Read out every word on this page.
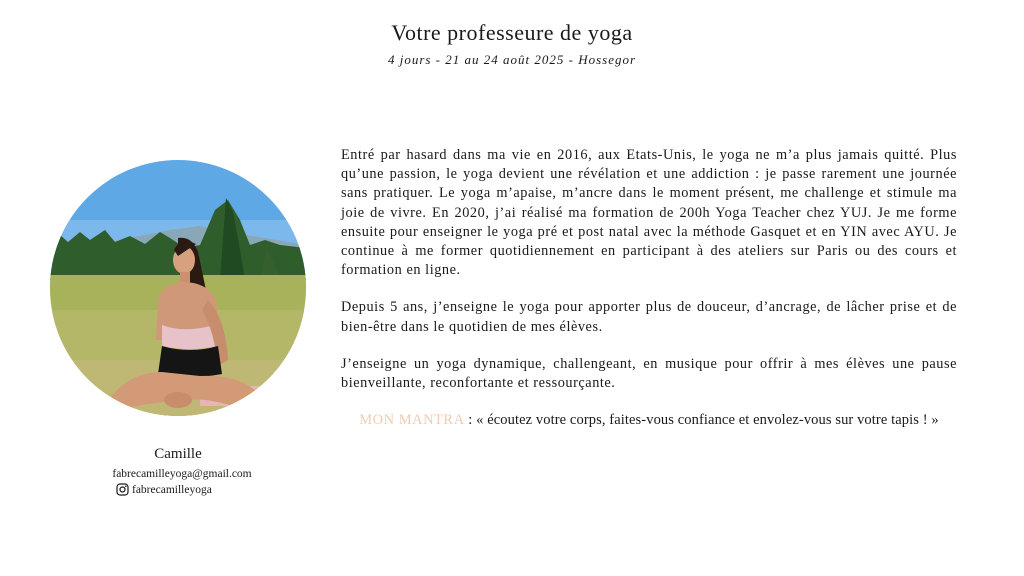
Votre professeure de yoga
4 jours - 21 au 24 août 2025 - Hossegor
Camille
fabrecamilleyoga@gmail.com
fabrecamilleyoga

Entré par hasard dans ma vie en 2016, aux Etats-Unis, le yoga ne m’a plus jamais quitté. Plus qu’une passion, le yoga devient une révélation et une addiction : je passe rarement une journée sans pratiquer. Le yoga m’apaise, m’ancre dans le moment présent, me challenge et stimule ma joie de vivre. En 2020, j’ai réalisé ma formation de 200h Yoga Teacher chez YUJ. Je me forme ensuite pour enseigner le yoga pré et post natal avec la méthode Gasquet et en YIN avec AYU. Je continue à me former quotidiennement en participant à des ateliers sur Paris ou des cours et formation en ligne.

Depuis 5 ans, j’enseigne le yoga pour apporter plus de douceur, d’ancrage, de lâcher prise et de bien-être dans le quotidien de mes élèves.

J’enseigne un yoga dynamique, challengeant, en musique pour offrir à mes élèves une pause bienveillante, reconfortante et ressourçante.

MON MANTRA : « écoutez votre corps, faites-vous confiance et envolez-vous sur votre tapis ! »
